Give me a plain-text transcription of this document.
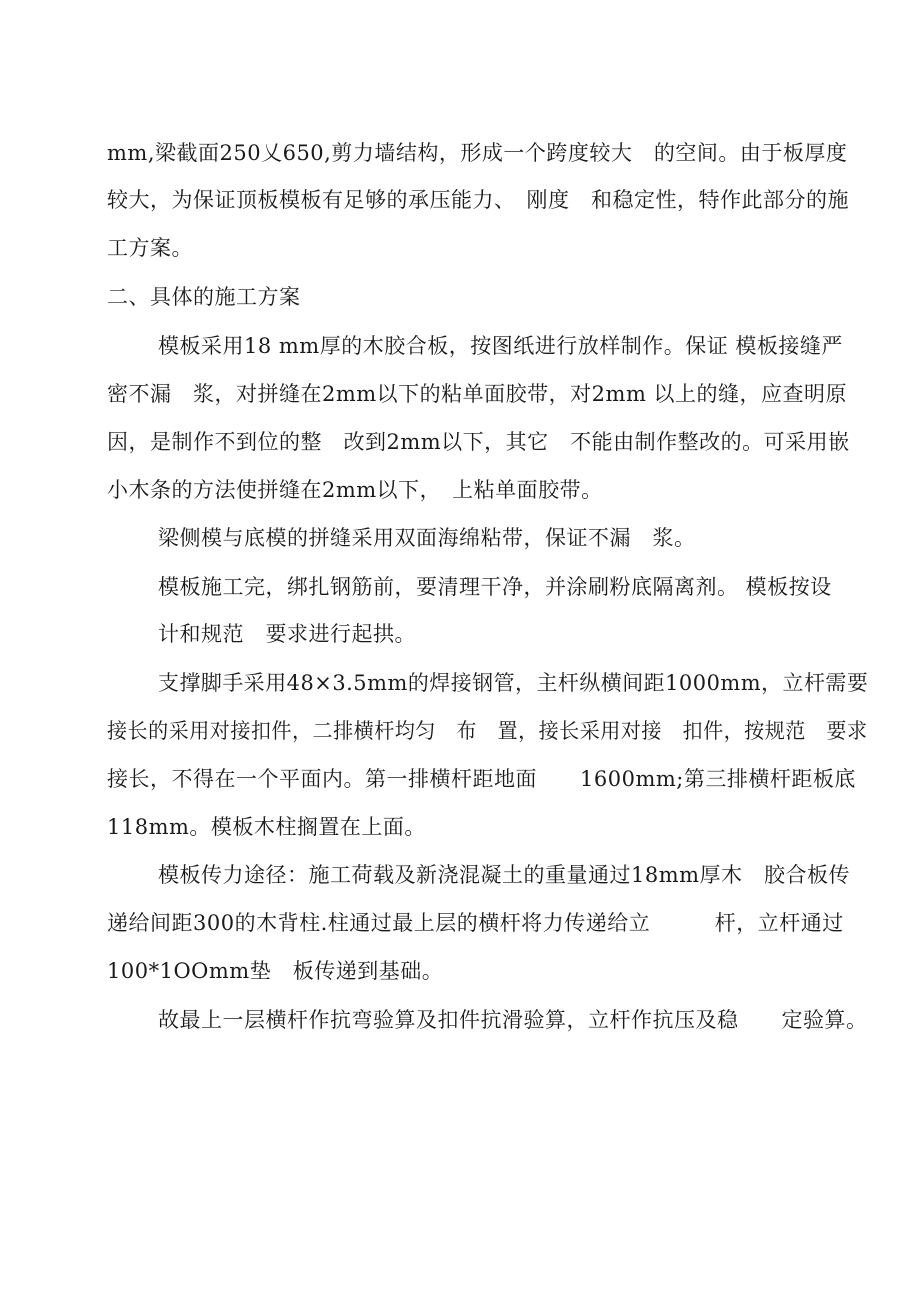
mm,梁截面250乂650,剪力墙结构，形成一个跨度较大　的空间。由于板厚度
较大，为保证顶板模板有足够的承压能力、　刚度　和稳定性，特作此部分的施
工方案。
二、具体的施工方案
模板采用18 mm厚的木胶合板，按图纸进行放样制作。保证 模板接缝严
密不漏　浆，对拼缝在2mm以下的粘单面胶带，对2mm 以上的缝，应查明原
因，是制作不到位的整　改到2mm以下，其它　不能由制作整改的。可采用嵌
小木条的方法使拼缝在2mm以下，　上粘单面胶带。
梁侧模与底模的拼缝采用双面海绵粘带，保证不漏　浆。
模板施工完，绑扎钢筋前，要清理干净，并涂刷粉底隔离剂。 模板按设
计和规范　要求进行起拱。
支撑脚手采用48×3.5mm的焊接钢管，主杆纵横间距1000mm，立杆需要
接长的采用对接扣件，二排横杆均匀　布　置，接长采用对接　扣件，按规范　要求
接长，不得在一个平面内。第一排横杆距地面　　1600mm;第三排横杆距板底
118mm。模板木柱搁置在上面。
模板传力途径：施工荷载及新浇混凝土的重量通过18mm厚木　胶合板传
递给间距300的木背柱.柱通过最上层的横杆将力传递给立　　　杆，立杆通过
100*1OOmm垫　板传递到基础。
故最上一层横杆作抗弯验算及扣件抗滑验算，立杆作抗压及稳　　定验算。
